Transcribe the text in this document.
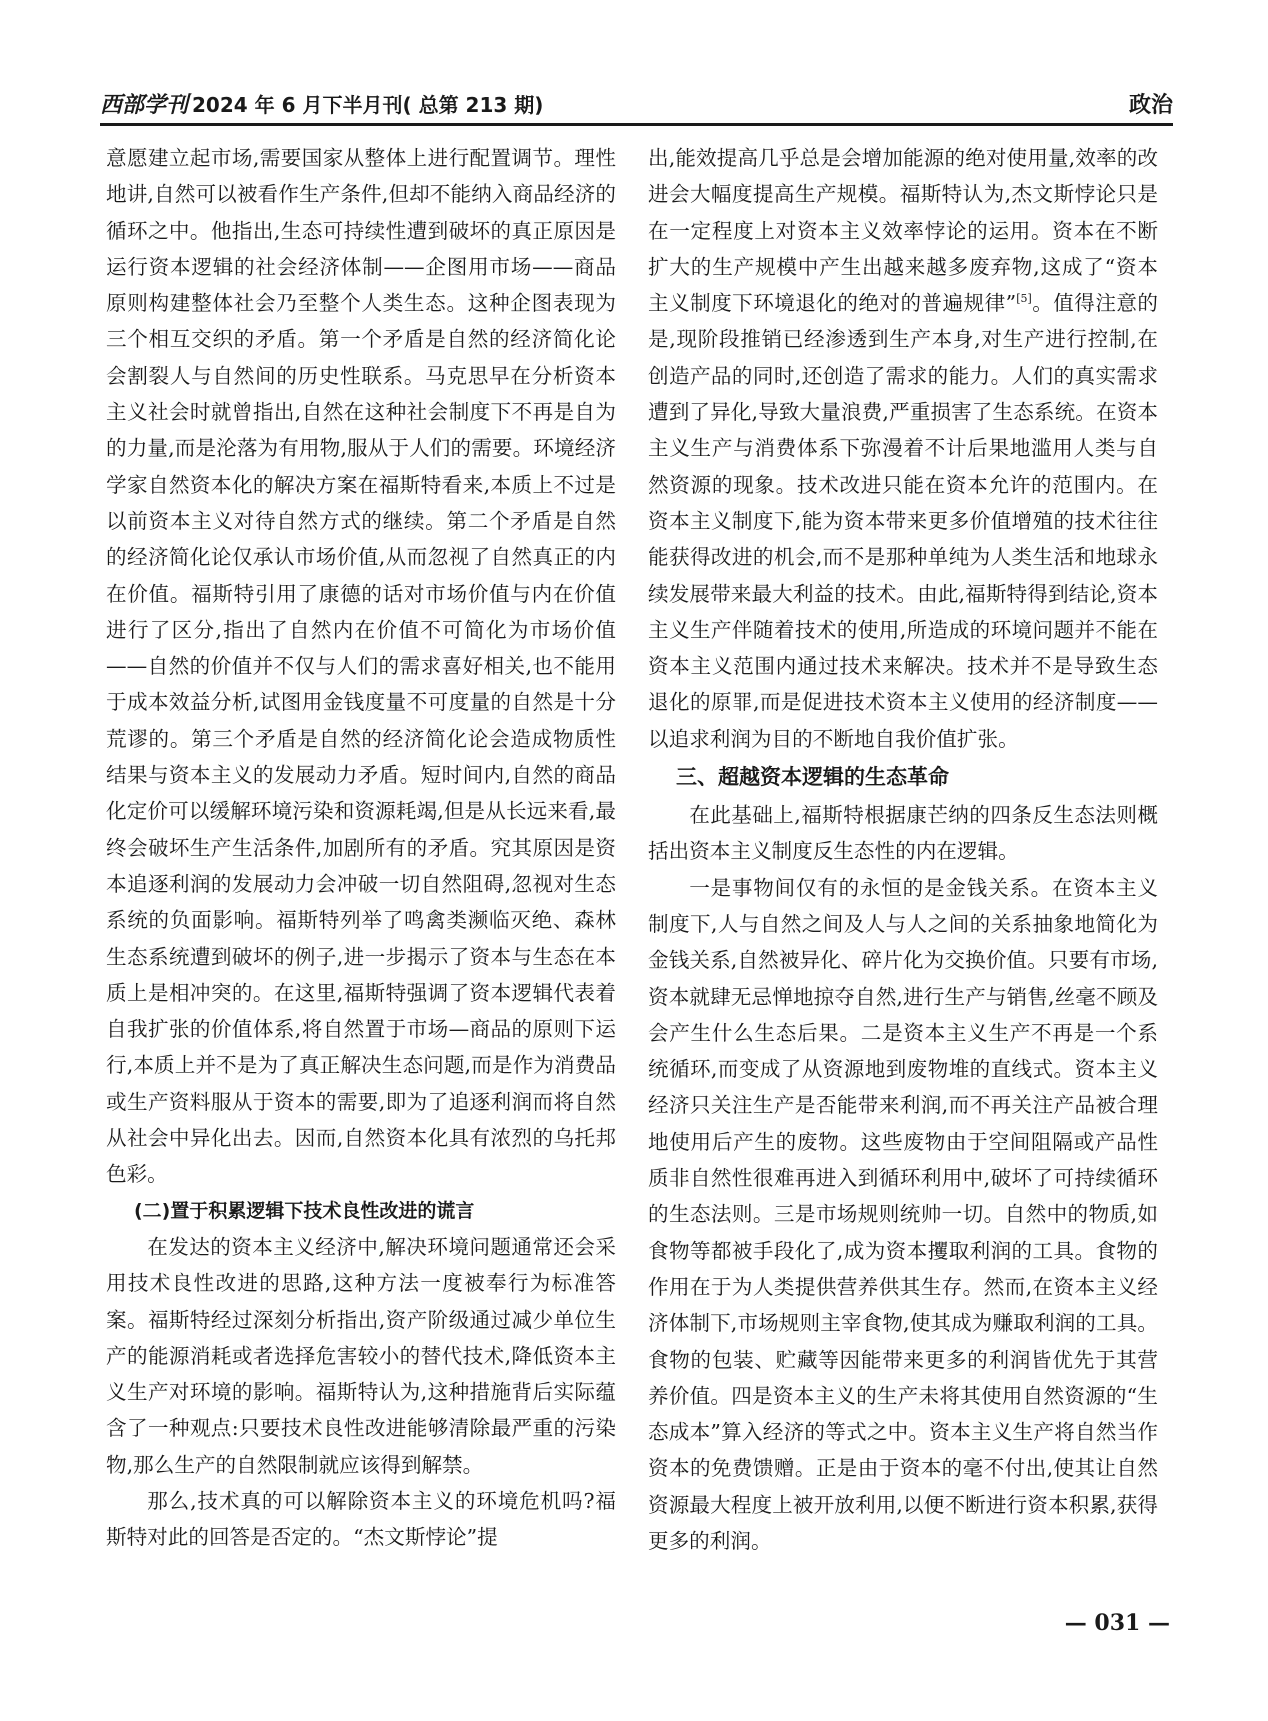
西部学刊 2024 年 6 月下半月刊( 总第 213 期)	政治

意愿建立起市场,需要国家从整体上进行配置调节。理性地讲,自然可以被看作生产条件,但却不能纳入商品经济的循环之中。他指出,生态可持续性遭到破坏的真正原因是运行资本逻辑的社会经济体制——企图用市场——商品原则构建整体社会乃至整个人类生态。这种企图表现为三个相互交织的矛盾。第一个矛盾是自然的经济简化论会割裂人与自然间的历史性联系。马克思早在分析资本主义社会时就曾指出,自然在这种社会制度下不再是自为的力量,而是沦落为有用物,服从于人们的需要。环境经济学家自然资本化的解决方案在福斯特看来,本质上不过是以前资本主义对待自然方式的继续。第二个矛盾是自然的经济简化论仅承认市场价值,从而忽视了自然真正的内在价值。福斯特引用了康德的话对市场价值与内在价值进行了区分,指出了自然内在价值不可简化为市场价值——自然的价值并不仅与人们的需求喜好相关,也不能用于成本效益分析,试图用金钱度量不可度量的自然是十分荒谬的。第三个矛盾是自然的经济简化论会造成物质性结果与资本主义的发展动力矛盾。短时间内,自然的商品化定价可以缓解环境污染和资源耗竭,但是从长远来看,最终会破坏生产生活条件,加剧所有的矛盾。究其原因是资本追逐利润的发展动力会冲破一切自然阻碍,忽视对生态系统的负面影响。福斯特列举了鸣禽类濒临灭绝、森林生态系统遭到破坏的例子,进一步揭示了资本与生态在本质上是相冲突的。在这里,福斯特强调了资本逻辑代表着自我扩张的价值体系,将自然置于市场—商品的原则下运行,本质上并不是为了真正解决生态问题,而是作为消费品或生产资料服从于资本的需要,即为了追逐利润而将自然从社会中异化出去。因而,自然资本化具有浓烈的乌托邦色彩。

(二)置于积累逻辑下技术良性改进的谎言

在发达的资本主义经济中,解决环境问题通常还会采用技术良性改进的思路,这种方法一度被奉行为标准答案。福斯特经过深刻分析指出,资产阶级通过减少单位生产的能源消耗或者选择危害较小的替代技术,降低资本主义生产对环境的影响。福斯特认为,这种措施背后实际蕴含了一种观点:只要技术良性改进能够清除最严重的污染物,那么生产的自然限制就应该得到解禁。

那么,技术真的可以解除资本主义的环境危机吗?福斯特对此的回答是否定的。“杰文斯悖论”提

出,能效提高几乎总是会增加能源的绝对使用量,效率的改进会大幅度提高生产规模。福斯特认为,杰文斯悖论只是在一定程度上对资本主义效率悖论的运用。资本在不断扩大的生产规模中产生出越来越多废弃物,这成了“资本主义制度下环境退化的绝对的普遍规律”[5]。值得注意的是,现阶段推销已经渗透到生产本身,对生产进行控制,在创造产品的同时,还创造了需求的能力。人们的真实需求遭到了异化,导致大量浪费,严重损害了生态系统。在资本主义生产与消费体系下弥漫着不计后果地滥用人类与自然资源的现象。技术改进只能在资本允许的范围内。在资本主义制度下,能为资本带来更多价值增殖的技术往往能获得改进的机会,而不是那种单纯为人类生活和地球永续发展带来最大利益的技术。由此,福斯特得到结论,资本主义生产伴随着技术的使用,所造成的环境问题并不能在资本主义范围内通过技术来解决。技术并不是导致生态退化的原罪,而是促进技术资本主义使用的经济制度——以追求利润为目的不断地自我价值扩张。

三、超越资本逻辑的生态革命

在此基础上,福斯特根据康芒纳的四条反生态法则概括出资本主义制度反生态性的内在逻辑。

一是事物间仅有的永恒的是金钱关系。在资本主义制度下,人与自然之间及人与人之间的关系抽象地简化为金钱关系,自然被异化、碎片化为交换价值。只要有市场,资本就肆无忌惮地掠夺自然,进行生产与销售,丝毫不顾及会产生什么生态后果。二是资本主义生产不再是一个系统循环,而变成了从资源地到废物堆的直线式。资本主义经济只关注生产是否能带来利润,而不再关注产品被合理地使用后产生的废物。这些废物由于空间阻隔或产品性质非自然性很难再进入到循环利用中,破坏了可持续循环的生态法则。三是市场规则统帅一切。自然中的物质,如食物等都被手段化了,成为资本攫取利润的工具。食物的作用在于为人类提供营养供其生存。然而,在资本主义经济体制下,市场规则主宰食物,使其成为赚取利润的工具。食物的包装、贮藏等因能带来更多的利润皆优先于其营养价值。四是资本主义的生产未将其使用自然资源的“生态成本”算入经济的等式之中。资本主义生产将自然当作资本的免费馈赠。正是由于资本的毫不付出,使其让自然资源最大程度上被开放利用,以便不断进行资本积累,获得更多的利润。

— 031 —
